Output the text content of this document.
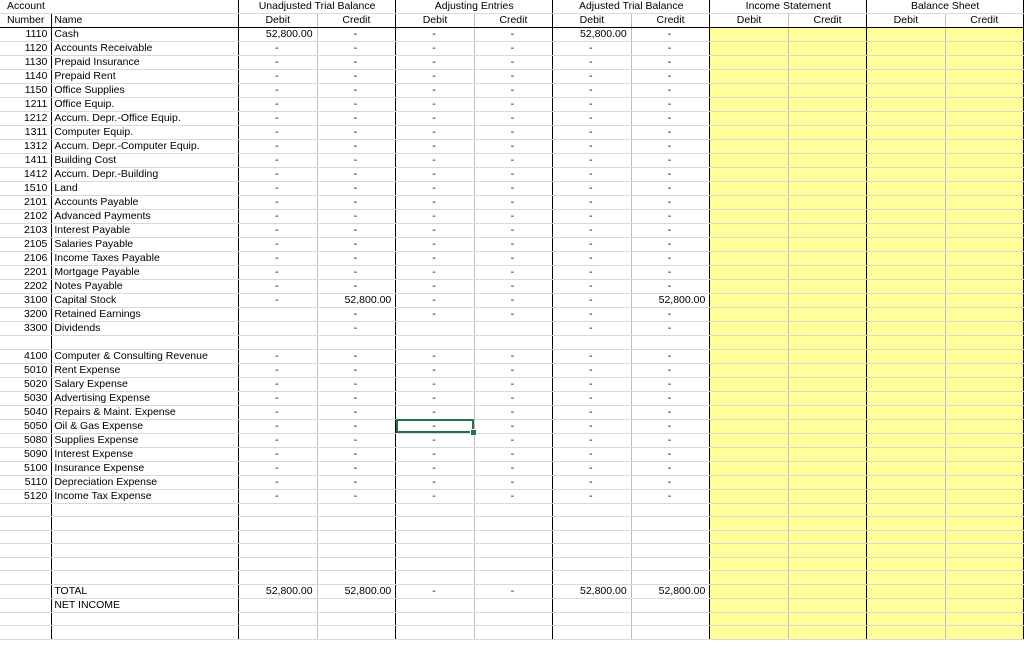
Account		Unadjusted Trial Balance		Adjusting Entries		Adjusted Trial Balance		Income Statement		Balance Sheet	
Number	Name	Debit	Credit	Debit	Credit	Debit	Credit	Debit	Credit	Debit	Credit
1110	Cash	52,800.00	-	-	-	52,800.00	-				
1120	Accounts Receivable	-	-	-	-	-	-				
1130	Prepaid Insurance	-	-	-	-	-	-				
1140	Prepaid Rent	-	-	-	-	-	-				
1150	Office Supplies	-	-	-	-	-	-				
1211	Office Equip.	-	-	-	-	-	-				
1212	Accum. Depr.-Office Equip.	-	-	-	-	-	-				
1311	Computer Equip.	-	-	-	-	-	-				
1312	Accum. Depr.-Computer Equip.	-	-	-	-	-	-				
1411	Building Cost	-	-	-	-	-	-				
1412	Accum. Depr.-Building	-	-	-	-	-	-				
1510	Land	-	-	-	-	-	-				
2101	Accounts Payable	-	-	-	-	-	-				
2102	Advanced Payments	-	-	-	-	-	-				
2103	Interest Payable	-	-	-	-	-	-				
2105	Salaries Payable	-	-	-	-	-	-				
2106	Income Taxes Payable	-	-	-	-	-	-				
2201	Mortgage Payable	-	-	-	-	-	-				
2202	Notes Payable	-	-	-	-	-	-				
3100	Capital Stock	-	52,800.00	-	-	-	52,800.00				
3200	Retained Earnings		-	-	-	-	-				
3300	Dividends		-			-	-				

4100	Computer & Consulting Revenue	-	-	-	-	-	-				
5010	Rent Expense	-	-	-	-	-	-				
5020	Salary Expense	-	-	-	-	-	-				
5030	Advertising Expense	-	-	-	-	-	-				
5040	Repairs & Maint. Expense	-	-	-	-	-	-				
5050	Oil & Gas Expense	-	-	-	-	-	-				
5080	Supplies Expense	-	-	-	-	-	-				
5090	Interest Expense	-	-	-	-	-	-				
5100	Insurance Expense	-	-	-	-	-	-				
5110	Depreciation Expense	-	-	-	-	-	-				
5120	Income Tax Expense	-	-	-	-	-	-				

	TOTAL	52,800.00	52,800.00	-	-	52,800.00	52,800.00				
	NET INCOME										
